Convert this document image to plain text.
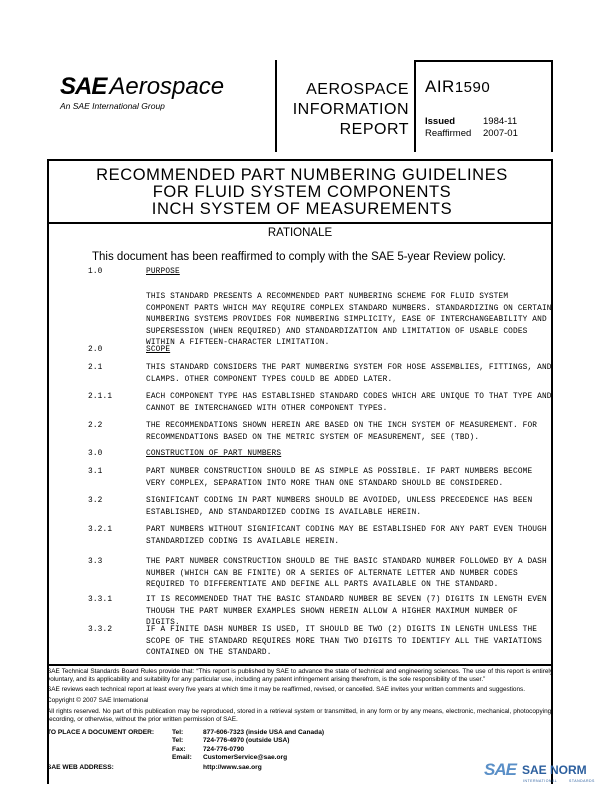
SAE Aerospace
An SAE International Group
AEROSPACE
INFORMATION
REPORT
AIR1590
Issued	1984-11
Reaffirmed	2007-01
RECOMMENDED PART NUMBERING GUIDELINES
FOR FLUID SYSTEM COMPONENTS
INCH SYSTEM OF MEASUREMENTS
RATIONALE
This document has been reaffirmed to comply with the SAE 5-year Review policy.
1.0	PURPOSE
THIS STANDARD PRESENTS A RECOMMENDED PART NUMBERING SCHEME FOR FLUID SYSTEM COMPONENT PARTS WHICH MAY REQUIRE COMPLEX STANDARD NUMBERS. STANDARDIZING ON CERTAIN NUMBERING SYSTEMS PROVIDES FOR NUMBERING SIMPLICITY, EASE OF INTERCHANGEABILITY AND SUPERSESSION (WHEN REQUIRED) AND STANDARDIZATION AND LIMITATION OF USABLE CODES WITHIN A FIFTEEN-CHARACTER LIMITATION.
2.0	SCOPE
2.1	THIS STANDARD CONSIDERS THE PART NUMBERING SYSTEM FOR HOSE ASSEMBLIES, FITTINGS, AND CLAMPS. OTHER COMPONENT TYPES COULD BE ADDED LATER.
2.1.1	EACH COMPONENT TYPE HAS ESTABLISHED STANDARD CODES WHICH ARE UNIQUE TO THAT TYPE AND CANNOT BE INTERCHANGED WITH OTHER COMPONENT TYPES.
2.2	THE RECOMMENDATIONS SHOWN HEREIN ARE BASED ON THE INCH SYSTEM OF MEASUREMENT. FOR RECOMMENDATIONS BASED ON THE METRIC SYSTEM OF MEASUREMENT, SEE (TBD).
3.0	CONSTRUCTION OF PART NUMBERS
3.1	PART NUMBER CONSTRUCTION SHOULD BE AS SIMPLE AS POSSIBLE. IF PART NUMBERS BECOME VERY COMPLEX, SEPARATION INTO MORE THAN ONE STANDARD SHOULD BE CONSIDERED.
3.2	SIGNIFICANT CODING IN PART NUMBERS SHOULD BE AVOIDED, UNLESS PRECEDENCE HAS BEEN ESTABLISHED, AND STANDARDIZED CODING IS AVAILABLE HEREIN.
3.2.1	PART NUMBERS WITHOUT SIGNIFICANT CODING MAY BE ESTABLISHED FOR ANY PART EVEN THOUGH STANDARDIZED CODING IS AVAILABLE HEREIN.
3.3	THE PART NUMBER CONSTRUCTION SHOULD BE THE BASIC STANDARD NUMBER FOLLOWED BY A DASH NUMBER (WHICH CAN BE FINITE) OR A SERIES OF ALTERNATE LETTER AND NUMBER CODES REQUIRED TO DIFFERENTIATE AND DEFINE ALL PARTS AVAILABLE ON THE STANDARD.
3.3.1	IT IS RECOMMENDED THAT THE BASIC STANDARD NUMBER BE SEVEN (7) DIGITS IN LENGTH EVEN THOUGH THE PART NUMBER EXAMPLES SHOWN HEREIN ALLOW A HIGHER MAXIMUM NUMBER OF DIGITS.
3.3.2	IF A FINITE DASH NUMBER IS USED, IT SHOULD BE TWO (2) DIGITS IN LENGTH UNLESS THE SCOPE OF THE STANDARD REQUIRES MORE THAN TWO DIGITS TO IDENTIFY ALL THE VARIATIONS CONTAINED ON THE STANDARD.
SAE Technical Standards Board Rules provide that: “This report is published by SAE to advance the state of technical and engineering sciences. The use of this report is entirely voluntary, and its applicability and suitability for any particular use, including any patent infringement arising therefrom, is the sole responsibility of the user.”
SAE reviews each technical report at least every five years at which time it may be reaffirmed, revised, or cancelled. SAE invites your written comments and suggestions.
Copyright © 2007 SAE International
All rights reserved. No part of this publication may be reproduced, stored in a retrieval system or transmitted, in any form or by any means, electronic, mechanical, photocopying, recording, or otherwise, without the prior written permission of SAE.
TO PLACE A DOCUMENT ORDER:	Tel:	877-606-7323 (inside USA and Canada)
Tel:	724-776-4970 (outside USA)
Fax:	724-776-0790
Email:	CustomerService@sae.org
SAE WEB ADDRESS:	http://www.sae.org	SAE SAE NORM
INTERNATIONAL	STANDARDS
